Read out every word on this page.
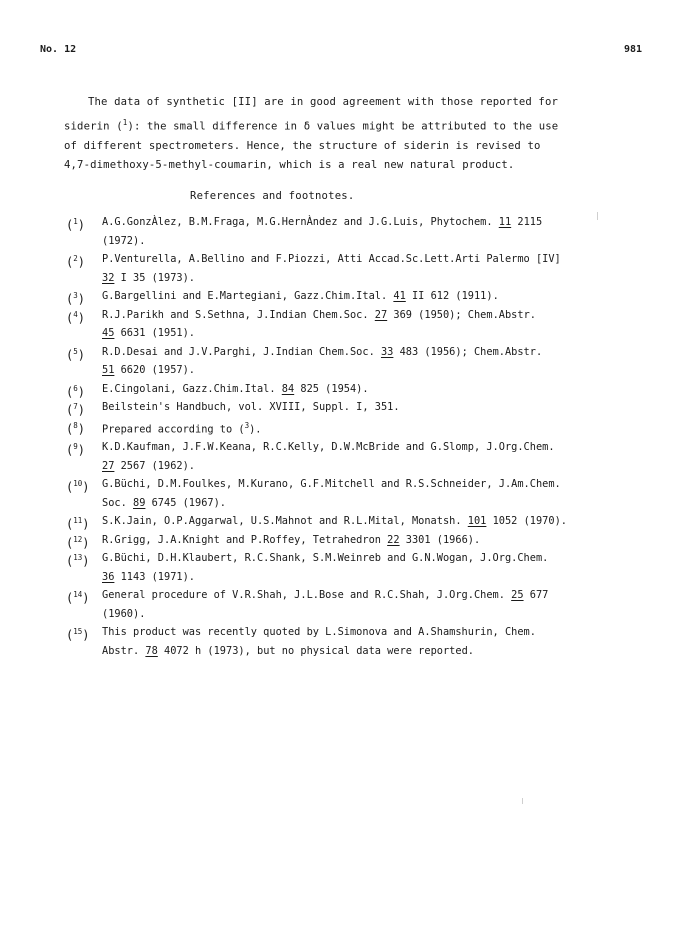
No. 12	981
The data of synthetic [II] are in good agreement with those reported for
siderin ($^1$): the small difference in δ values might be attributed to the use
of different spectrometers. Hence, the structure of siderin is revised to
4,7-dimethoxy-5-methyl-coumarin, which is a real new natural product.
References and footnotes.
($^1$) A.G.GonzÀlez, B.M.Fraga, M.G.HernÀndez and J.G.Luis, Phytochem. 11 2115
(1972).
($^2$) P.Venturella, A.Bellino and F.Piozzi, Atti Accad.Sc.Lett.Arti Palermo [IV]
32 I 35 (1973).
($^3$) G.Bargellini and E.Martegiani, Gazz.Chim.Ital. 41 II 612 (1911).
($^4$) R.J.Parikh and S.Sethna, J.Indian Chem.Soc. 27 369 (1950); Chem.Abstr.
45 6631 (1951).
($^5$) R.D.Desai and J.V.Parghi, J.Indian Chem.Soc. 33 483 (1956); Chem.Abstr.
51 6620 (1957).
($^6$) E.Cingolani, Gazz.Chim.Ital. 84 825 (1954).
($^7$) Beilstein's Handbuch, vol. XVIII, Suppl. I, 351.
($^8$) Prepared according to ($^3$).
($^9$) K.D.Kaufman, J.F.W.Keana, R.C.Kelly, D.W.McBride and G.Slomp, J.Org.Chem.
27 2567 (1962).
($^{10}$) G.Büchi, D.M.Foulkes, M.Kurano, G.F.Mitchell and R.S.Schneider, J.Am.Chem.
Soc. 89 6745 (1967).
($^{11}$) S.K.Jain, O.P.Aggarwal, U.S.Mahnot and R.L.Mital, Monatsh. 101 1052 (1970).
($^{12}$) R.Grigg, J.A.Knight and P.Roffey, Tetrahedron 22 3301 (1966).
($^{13}$) G.Büchi, D.H.Klaubert, R.C.Shank, S.M.Weinreb and G.N.Wogan, J.Org.Chem.
36 1143 (1971).
($^{14}$) General procedure of V.R.Shah, J.L.Bose and R.C.Shah, J.Org.Chem. 25 677
(1960).
($^{15}$) This product was recently quoted by L.Simonova and A.Shamshurin, Chem.
Abstr. 78 4072 h (1973), but no physical data were reported.
